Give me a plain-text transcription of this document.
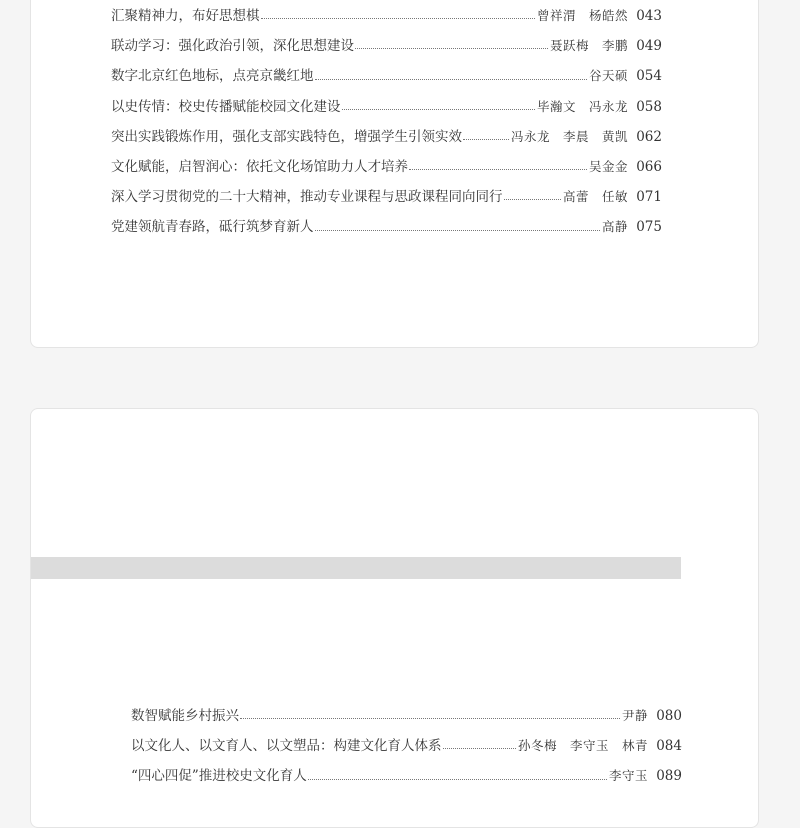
汇聚精神力，布好思想棋	曾祥渭　杨皓然 043
联动学习：强化政治引领，深化思想建设	聂跃梅　李鹏 049
数字北京红色地标，点亮京畿红地	谷天硕 054
以史传情：校史传播赋能校园文化建设	毕瀚文　冯永龙 058
突出实践锻炼作用，强化支部实践特色，增强学生引领实效	冯永龙　李晨　黄凯 062
文化赋能，启智润心：依托文化场馆助力人才培养	吴金金 066
深入学习贯彻党的二十大精神，推动专业课程与思政课程同向同行	高蕾　任敏 071
党建领航青春路，砥行筑梦育新人	高静 075
数智赋能乡村振兴	尹静 080
以文化人、以文育人、以文塑品：构建文化育人体系	孙冬梅　李守玉　林青 084
“四心四促”推进校史文化育人	李守玉 089
